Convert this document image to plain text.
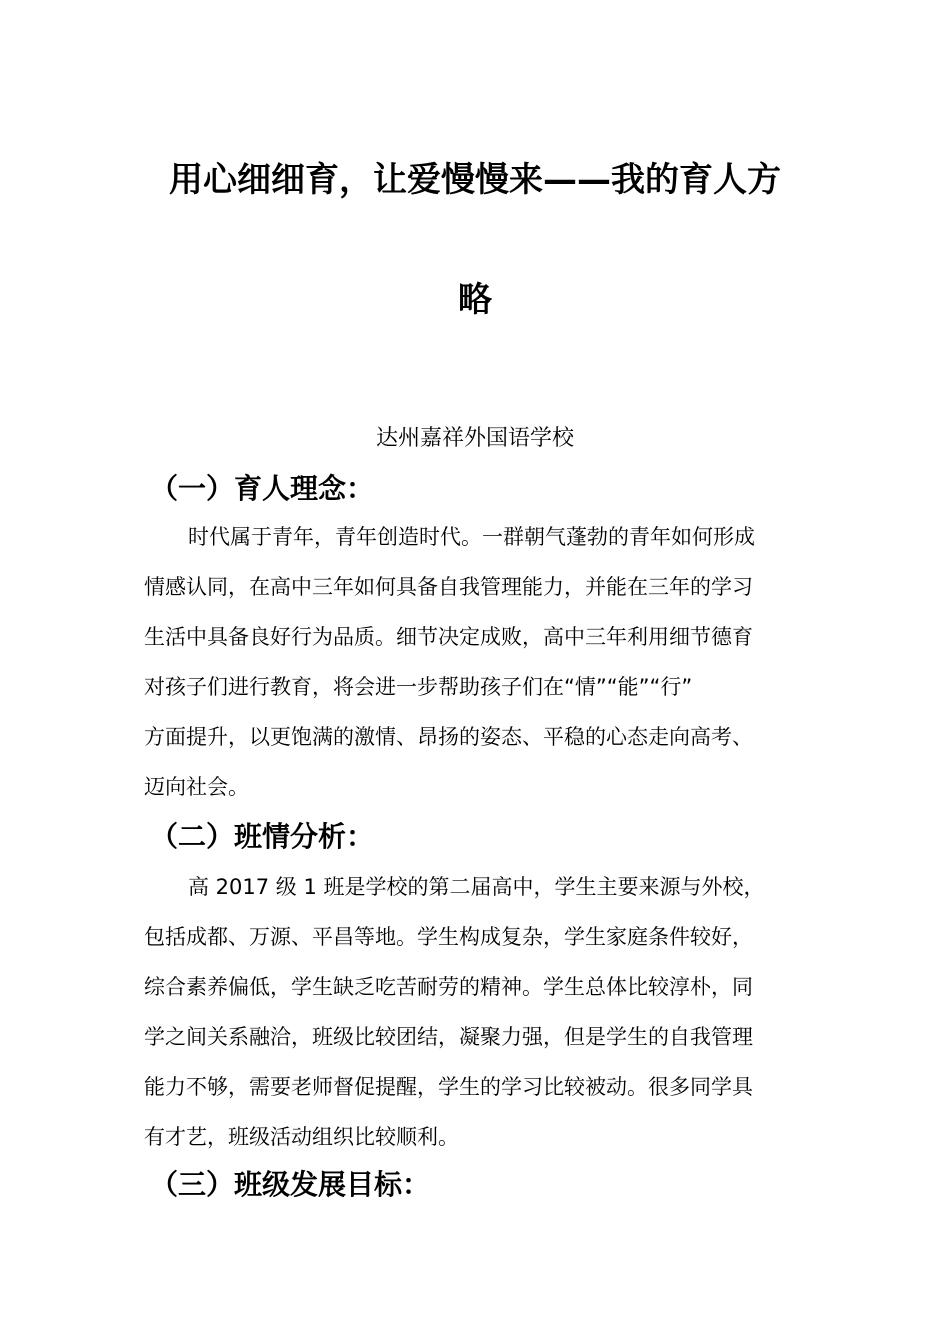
用心细细育，让爱慢慢来——我的育人方
略
达州嘉祥外国语学校
（一）育人理念：
时代属于青年，青年创造时代。一群朝气蓬勃的青年如何形成
情感认同，在高中三年如何具备自我管理能力，并能在三年的学习
生活中具备良好行为品质。细节决定成败，高中三年利用细节德育
对孩子们进行教育，将会进一步帮助孩子们在“情”“能”“行”
方面提升，以更饱满的激情、昂扬的姿态、平稳的心态走向高考、
迈向社会。
（二）班情分析：
高 2017 级 1 班是学校的第二届高中，学生主要来源与外校，
包括成都、万源、平昌等地。学生构成复杂，学生家庭条件较好，
综合素养偏低，学生缺乏吃苦耐劳的精神。学生总体比较淳朴，同
学之间关系融洽，班级比较团结，凝聚力强，但是学生的自我管理
能力不够，需要老师督促提醒，学生的学习比较被动。很多同学具
有才艺，班级活动组织比较顺利。
（三）班级发展目标：
